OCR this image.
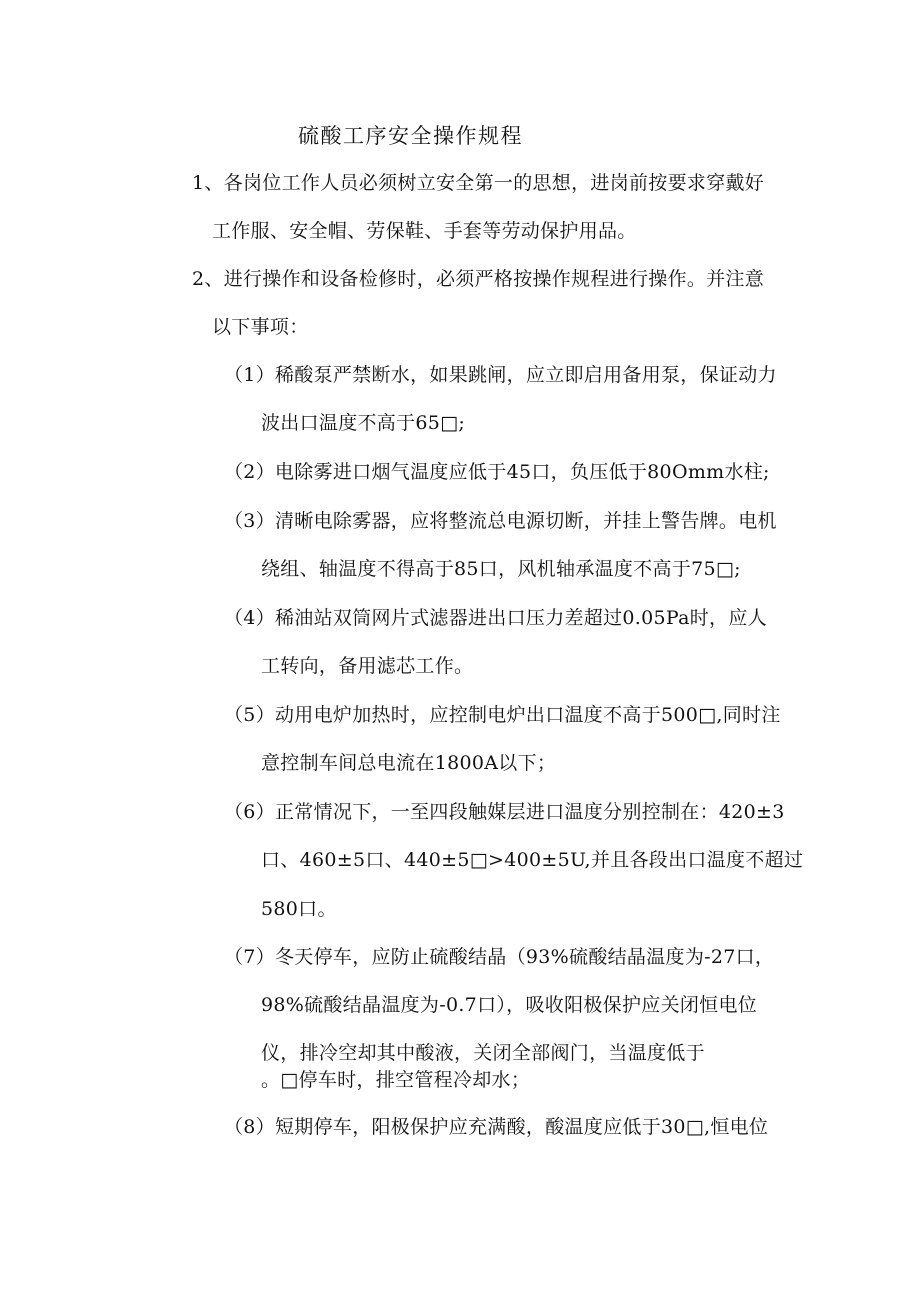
硫酸工序安全操作规程
1、各岗位工作人员必须树立安全第一的思想，进岗前按要求穿戴好
工作服、安全帽、劳保鞋、手套等劳动保护用品。
2、进行操作和设备检修时，必须严格按操作规程进行操作。并注意
以下事项：
（1）稀酸泵严禁断水，如果跳闸，应立即启用备用泵，保证动力
波出口温度不高于65□;
（2）电除雾进口烟气温度应低于45口，负压低于80Omm水柱;
（3）清晰电除雾器，应将整流总电源切断，并挂上警告牌。电机
绕组、轴温度不得高于85口，风机轴承温度不高于75□;
（4）稀油站双筒网片式滤器进出口压力差超过0.05Pa时，应人
工转向，备用滤芯工作。
（5）动用电炉加热时，应控制电炉出口温度不高于500□,同时注
意控制车间总电流在1800A以下；
（6）正常情况下，一至四段触媒层进口温度分别控制在：420±3
口、460±5口、440±5□>400±5U,并且各段出口温度不超过
580口。
（7）冬天停车，应防止硫酸结晶（93%硫酸结晶温度为-27口，
98%硫酸结晶温度为-0.7口），吸收阳极保护应关闭恒电位
仪，排冷空却其中酸液，关闭全部阀门，当温度低于
。□停车时，排空管程冷却水；
（8）短期停车，阳极保护应充满酸，酸温度应低于30□,恒电位
